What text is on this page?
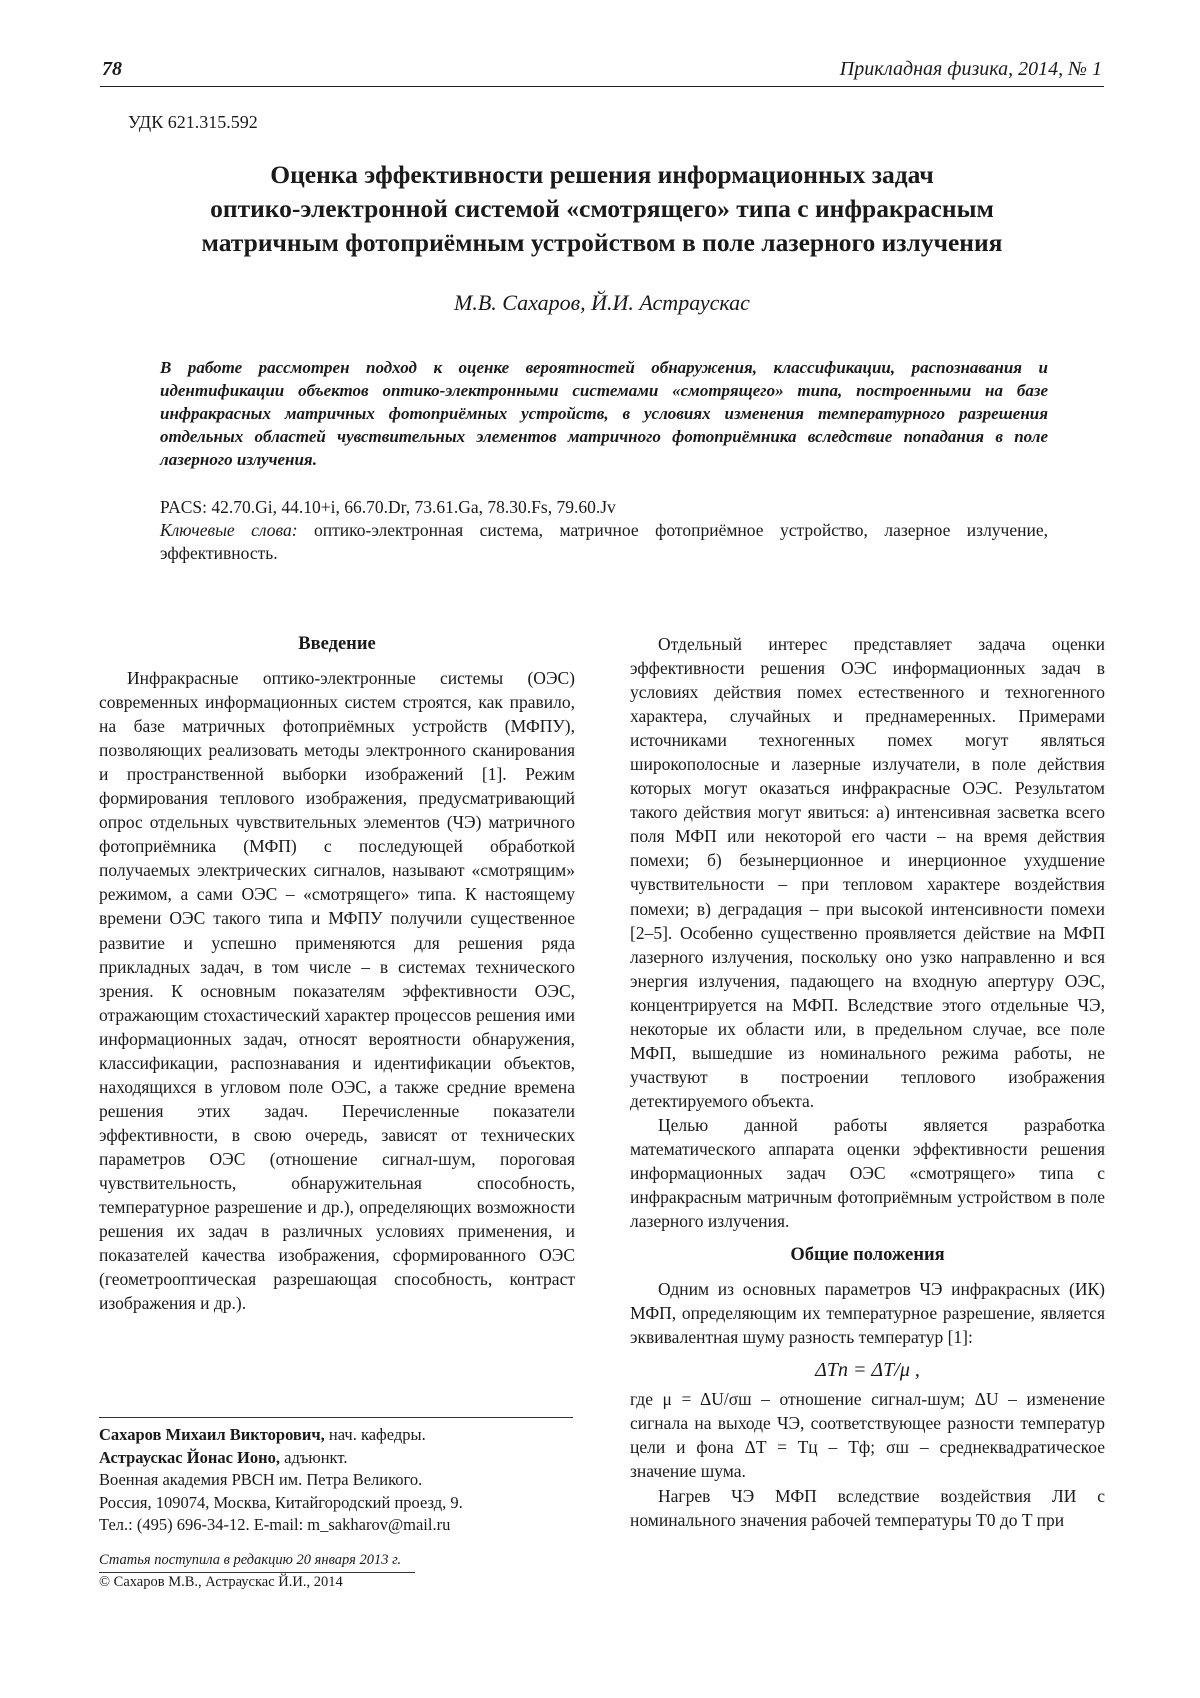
78	Прикладная физика, 2014, № 1
УДК 621.315.592
Оценка эффективности решения информационных задач
оптико-электронной системой «смотрящего» типа с инфракрасным
матричным фотоприёмным устройством в поле лазерного излучения
М.В. Сахаров, Й.И. Астраускас
В работе рассмотрен подход к оценке вероятностей обнаружения, классификации, распознавания и идентификации объектов оптико-электронными системами «смотрящего» типа, построенными на базе инфракрасных матричных фотоприёмных устройств, в условиях изменения температурного разрешения отдельных областей чувствительных элементов матричного фотоприёмника вследствие попадания в поле лазерного излучения.
PACS: 42.70.Gi, 44.10+i, 66.70.Dr, 73.61.Ga, 78.30.Fs, 79.60.Jv
Ключевые слова: оптико-электронная система, матричное фотоприёмное устройство, лазерное излучение, эффективность.
Введение

Инфракрасные оптико-электронные системы (ОЭС) современных информационных систем строятся, как правило, на базе матричных фотоприёмных устройств (МФПУ), позволяющих реализовать методы электронного сканирования и пространственной выборки изображений [1]. Режим формирования теплового изображения, предусматривающий опрос отдельных чувствительных элементов (ЧЭ) матричного фотоприёмника (МФП) с последующей обработкой получаемых электрических сигналов, называют «смотрящим» режимом, а сами ОЭС – «смотрящего» типа. К настоящему времени ОЭС такого типа и МФПУ получили существенное развитие и успешно применяются для решения ряда прикладных задач, в том числе – в системах технического зрения. К основным показателям эффективности ОЭС, отражающим стохастический характер процессов решения ими информационных задач, относят вероятности обнаружения, классификации, распознавания и идентификации объектов, находящихся в угловом поле ОЭС, а также средние времена решения этих задач. Перечисленные показатели эффективности, в свою очередь, зависят от технических параметров ОЭС (отношение сигнал-шум, пороговая чувствительность, обнаружительная способность, температурное разрешение и др.), определяющих возможности решения их задач в различных условиях применения, и показателей качества изображения, сформированного ОЭС (геометрооптическая разрешающая способность, контраст изображения и др.).

Отдельный интерес представляет задача оценки эффективности решения ОЭС информационных задач в условиях действия помех естественного и техногенного характера, случайных и преднамеренных. Примерами источниками техногенных помех могут являться широкополосные и лазерные излучатели, в поле действия которых могут оказаться инфракрасные ОЭС. Результатом такого действия могут явиться: а) интенсивная засветка всего поля МФП или некоторой его части – на время действия помехи; б) безынерционное и инерционное ухудшение чувствительности – при тепловом характере воздействия помехи; в) деградация – при высокой интенсивности помехи [2–5]. Особенно существенно проявляется действие на МФП лазерного излучения, поскольку оно узко направленно и вся энергия излучения, падающего на входную апертуру ОЭС, концентрируется на МФП. Вследствие этого отдельные ЧЭ, некоторые их области или, в предельном случае, все поле МФП, вышедшие из номинального режима работы, не участвуют в построении теплового изображения детектируемого объекта.

Целью данной работы является разработка математического аппарата оценки эффективности решения информационных задач ОЭС «смотрящего» типа с инфракрасным матричным фотоприёмным устройством в поле лазерного излучения.

Общие положения

Одним из основных параметров ЧЭ инфракрасных (ИК) МФП, определяющим их температурное разрешение, является эквивалентная шуму разность температур [1]:

ΔTп = ΔT/μ ,

где μ = ΔU/σш – отношение сигнал-шум; ΔU – изменение сигнала на выходе ЧЭ, соответствующее разности температур цели и фона ΔT = Tц – Tф; σш – среднеквадратическое значение шума.

Нагрев ЧЭ МФП вследствие воздействия ЛИ с номинального значения рабочей температуры T0 до T при

Сахаров Михаил Викторович, нач. кафедры.
Астраускас Йонас Ионо, адъюнкт.
Военная академия РВСН им. Петра Великого.
Россия, 109074, Москва, Китайгородский проезд, 9.
Тел.: (495) 696-34-12. E-mail: m_sakharov@mail.ru
Статья поступила в редакцию 20 января 2013 г.
© Сахаров М.В., Астраускас Й.И., 2014
